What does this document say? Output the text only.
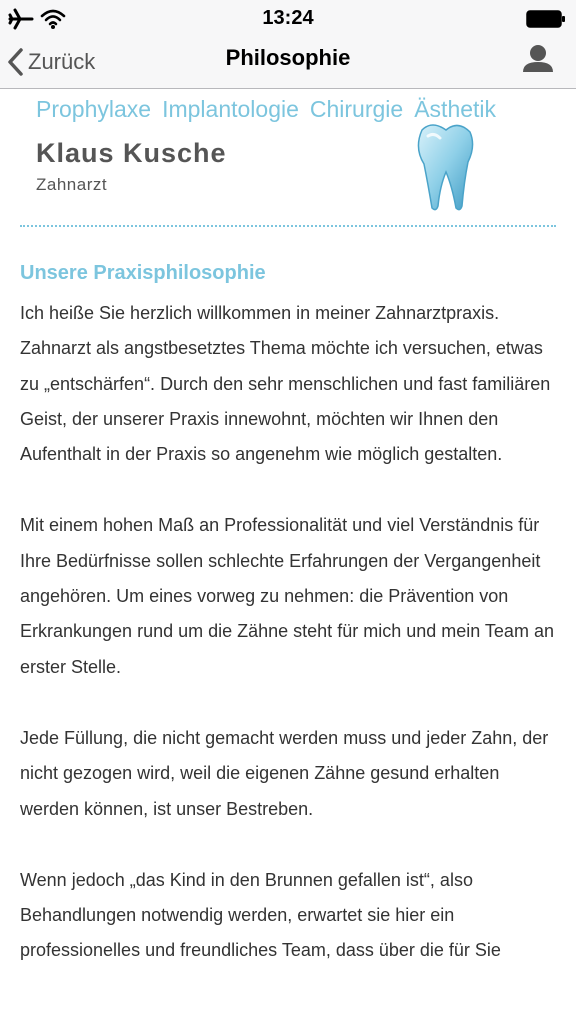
13:24
Zurück	Philosophie
Prophylaxe Implantologie Chirurgie Ästhetik
Klaus Kusche
Zahnarzt
Unsere Praxisphilosophie

Ich heiße Sie herzlich willkommen in meiner Zahnarztpraxis. Zahnarzt als angstbesetztes Thema möchte ich versuchen, etwas zu „entschärfen“. Durch den sehr menschlichen und fast familiären Geist, der unserer Praxis innewohnt, möchten wir Ihnen den Aufenthalt in der Praxis so angenehm wie möglich gestalten.

Mit einem hohen Maß an Professionalität und viel Verständnis für Ihre Bedürfnisse sollen schlechte Erfahrungen der Vergangenheit angehören. Um eines vorweg zu nehmen: die Prävention von Erkrankungen rund um die Zähne steht für mich und mein Team an erster Stelle.

Jede Füllung, die nicht gemacht werden muss und jeder Zahn, der nicht gezogen wird, weil die eigenen Zähne gesund erhalten werden können, ist unser Bestreben.

Wenn jedoch „das Kind in den Brunnen gefallen ist“, also Behandlungen notwendig werden, erwartet sie hier ein professionelles und freundliches Team, dass über die für Sie
